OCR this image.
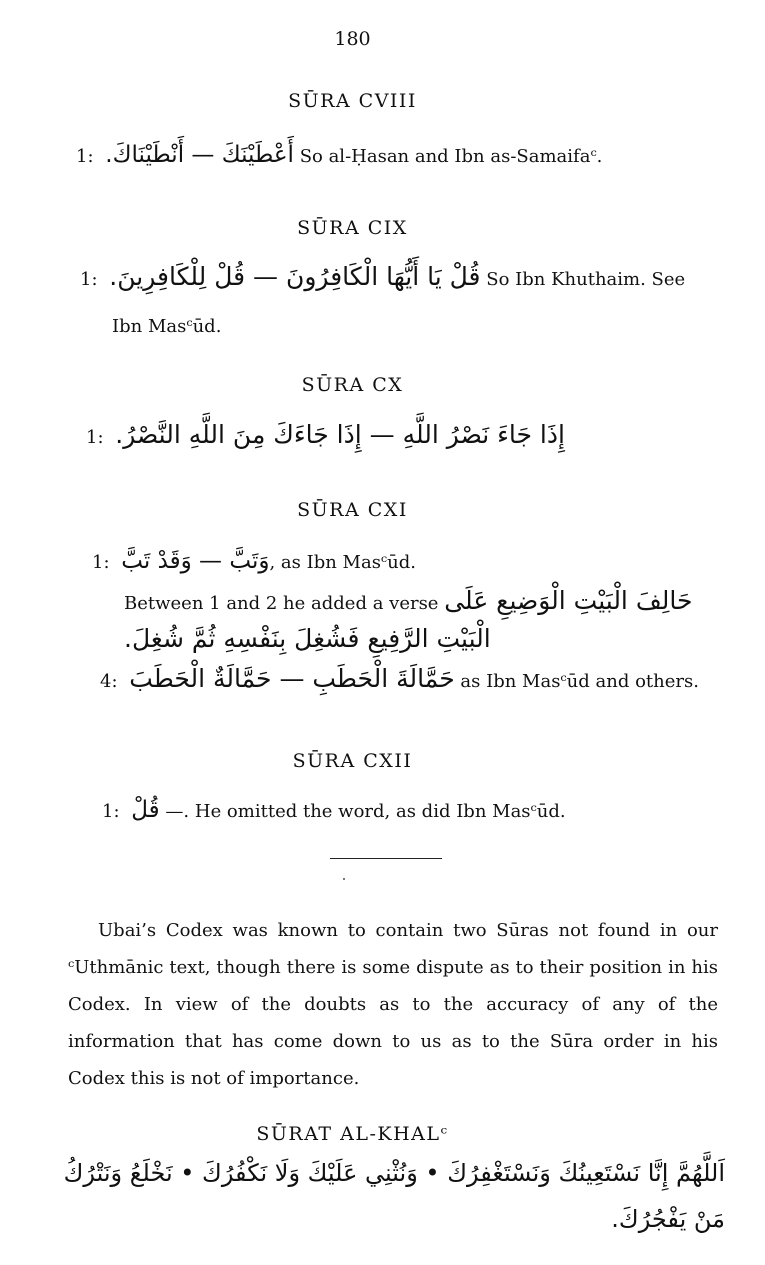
180
SŪRA CVIII
1: أَعْطَيْنَكَ — أَنْطَيْنَاكَ. So al-Ḥasan and Ibn as-Samaifaᶜ.
SŪRA CIX
1: قُلْ يَا أَيُّهَا الْكَافِرُونَ — قُلْ لِلْكَافِرِينَ. So Ibn Khuthaim. See
Ibn Masᶜūd.
SŪRA CX
1: إِذَا جَاءَ نَصْرُ اللَّهِ — إِذَا جَاءَكَ مِنَ اللَّهِ النَّصْرُ.
SŪRA CXI
1: وَتَبَّ — وَقَدْ تَبَّ, as Ibn Masᶜūd.
Between 1 and 2 he added a verse حَالِفَ الْبَيْتِ الْوَضِيعِ عَلَى
الْبَيْتِ الرَّفِيعِ فَشُغِلَ بِنَفْسِهِ ثُمَّ شُغِلَ.
4: حَمَّالَةَ الْحَطَبِ — حَمَّالَةٌ الْحَطَبَ as Ibn Masᶜūd and others.
SŪRA CXII
1: قُلْ —. He omitted the word, as did Ibn Masᶜūd.
Ubai’s Codex was known to contain two Sūras not found in our ᶜUthmānic text, though there is some dispute as to their position in his Codex. In view of the doubts as to the accuracy of any of the information that has come down to us as to the Sūra order in his Codex this is not of importance.
SŪRAT AL-KHALᶜ
اَللَّهُمَّ إِنَّا نَسْتَعِينُكَ وَنَسْتَغْفِرُكَ • وَنُثْنِي عَلَيْكَ وَلَا نَكْفُرُكَ • نَخْلَعُ وَنَتْرُكُ مَنْ يَفْجُرُكَ.
